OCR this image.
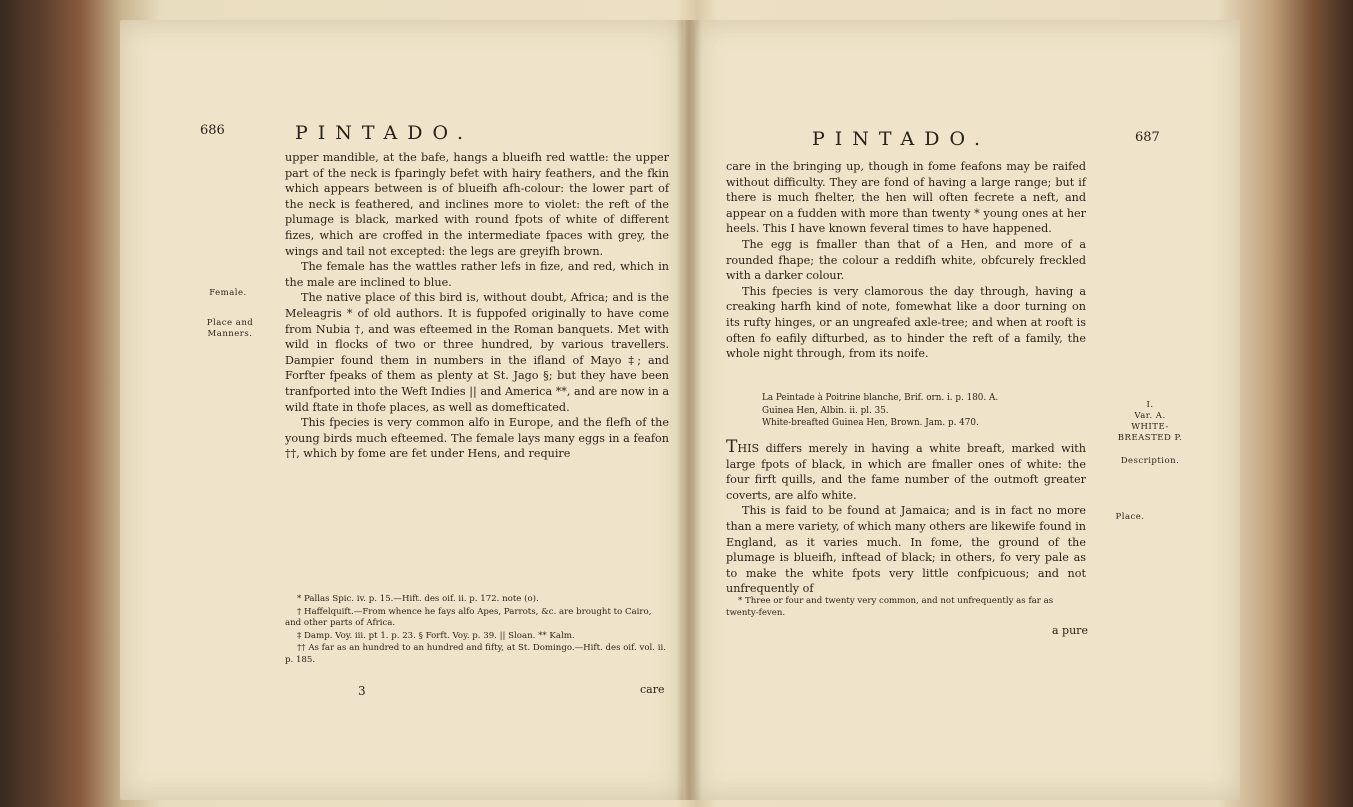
686	PINTADO.
Female.
Place and Manners.

upper mandible, at the bafe, hangs a blueifh red wattle: the upper part of the neck is fparingly befet with hairy feathers, and the fkin which appears between is of blueifh afh-colour: the lower part of the neck is feathered, and inclines more to violet: the reft of the plumage is black, marked with round fpots of white of different fizes, which are croffed in the intermediate fpaces with grey, the wings and tail not excepted: the legs are greyifh brown.

The female has the wattles rather lefs in fize, and red, which in the male are inclined to blue.

The native place of this bird is, without doubt, Africa; and is the Meleagris * of old authors. It is fuppofed originally to have come from Nubia †, and was efteemed in the Roman banquets. Met with wild in flocks of two or three hundred, by various travellers. Dampier found them in numbers in the ifland of Mayo ‡; and Forfter fpeaks of them as plenty at St. Jago §; but they have been tranfported into the Weft Indies || and America **, and are now in a wild ftate in thofe places, as well as domefticated.

This fpecies is very common alfo in Europe, and the flefh of the young birds much efteemed. The female lays many eggs in a feafon ††, which by fome are fet under Hens, and require

* Pallas Spic. iv. p. 15.—Hift. des oif. ii. p. 172. note (o).

† Haffelquift.—From whence he fays alfo Apes, Parrots, &c. are brought to Cairo, and other parts of Africa.

‡ Damp. Voy. iii. pt 1. p. 23. § Forft. Voy. p. 39. || Sloan. ** Kalm.

†† As far as an hundred to an hundred and fifty, at St. Domingo.—Hift. des oif. vol. ii. p. 185.

3	care
PINTADO.	687

care in the bringing up, though in fome feafons may be raifed without difficulty. They are fond of having a large range; but if there is much fhelter, the hen will often fecrete a neft, and appear on a fudden with more than twenty * young ones at her heels. This I have known feveral times to have happened.

The egg is fmaller than that of a Hen, and more of a rounded fhape; the colour a reddifh white, obfcurely freckled with a darker colour.

This fpecies is very clamorous the day through, having a creaking harfh kind of note, fomewhat like a door turning on its rufty hinges, or an ungreafed axle-tree; and when at rooft is often fo eafily difturbed, as to hinder the reft of a family, the whole night through, from its noife.

La Peintade à Poitrine blanche, Brif. orn. i. p. 180. A.
Guinea Hen, Albin. ii. pl. 35.
White-breafted Guinea Hen, Brown. Jam. p. 470.
I.
Var. A.
WHITE-
BREASTED P.
Description.
Place.

THIS differs merely in having a white breaft, marked with large fpots of black, in which are fmaller ones of white: the four firft quills, and the fame number of the outmoft greater coverts, are alfo white.

This is faid to be found at Jamaica; and is in fact no more than a mere variety, of which many others are likewife found in England, as it varies much. In fome, the ground of the plumage is blueifh, inftead of black; in others, fo very pale as to make the white fpots very little confpicuous; and not unfrequently of

* Three or four and twenty very common, and not unfrequently as far as twenty-feven.

a pure
